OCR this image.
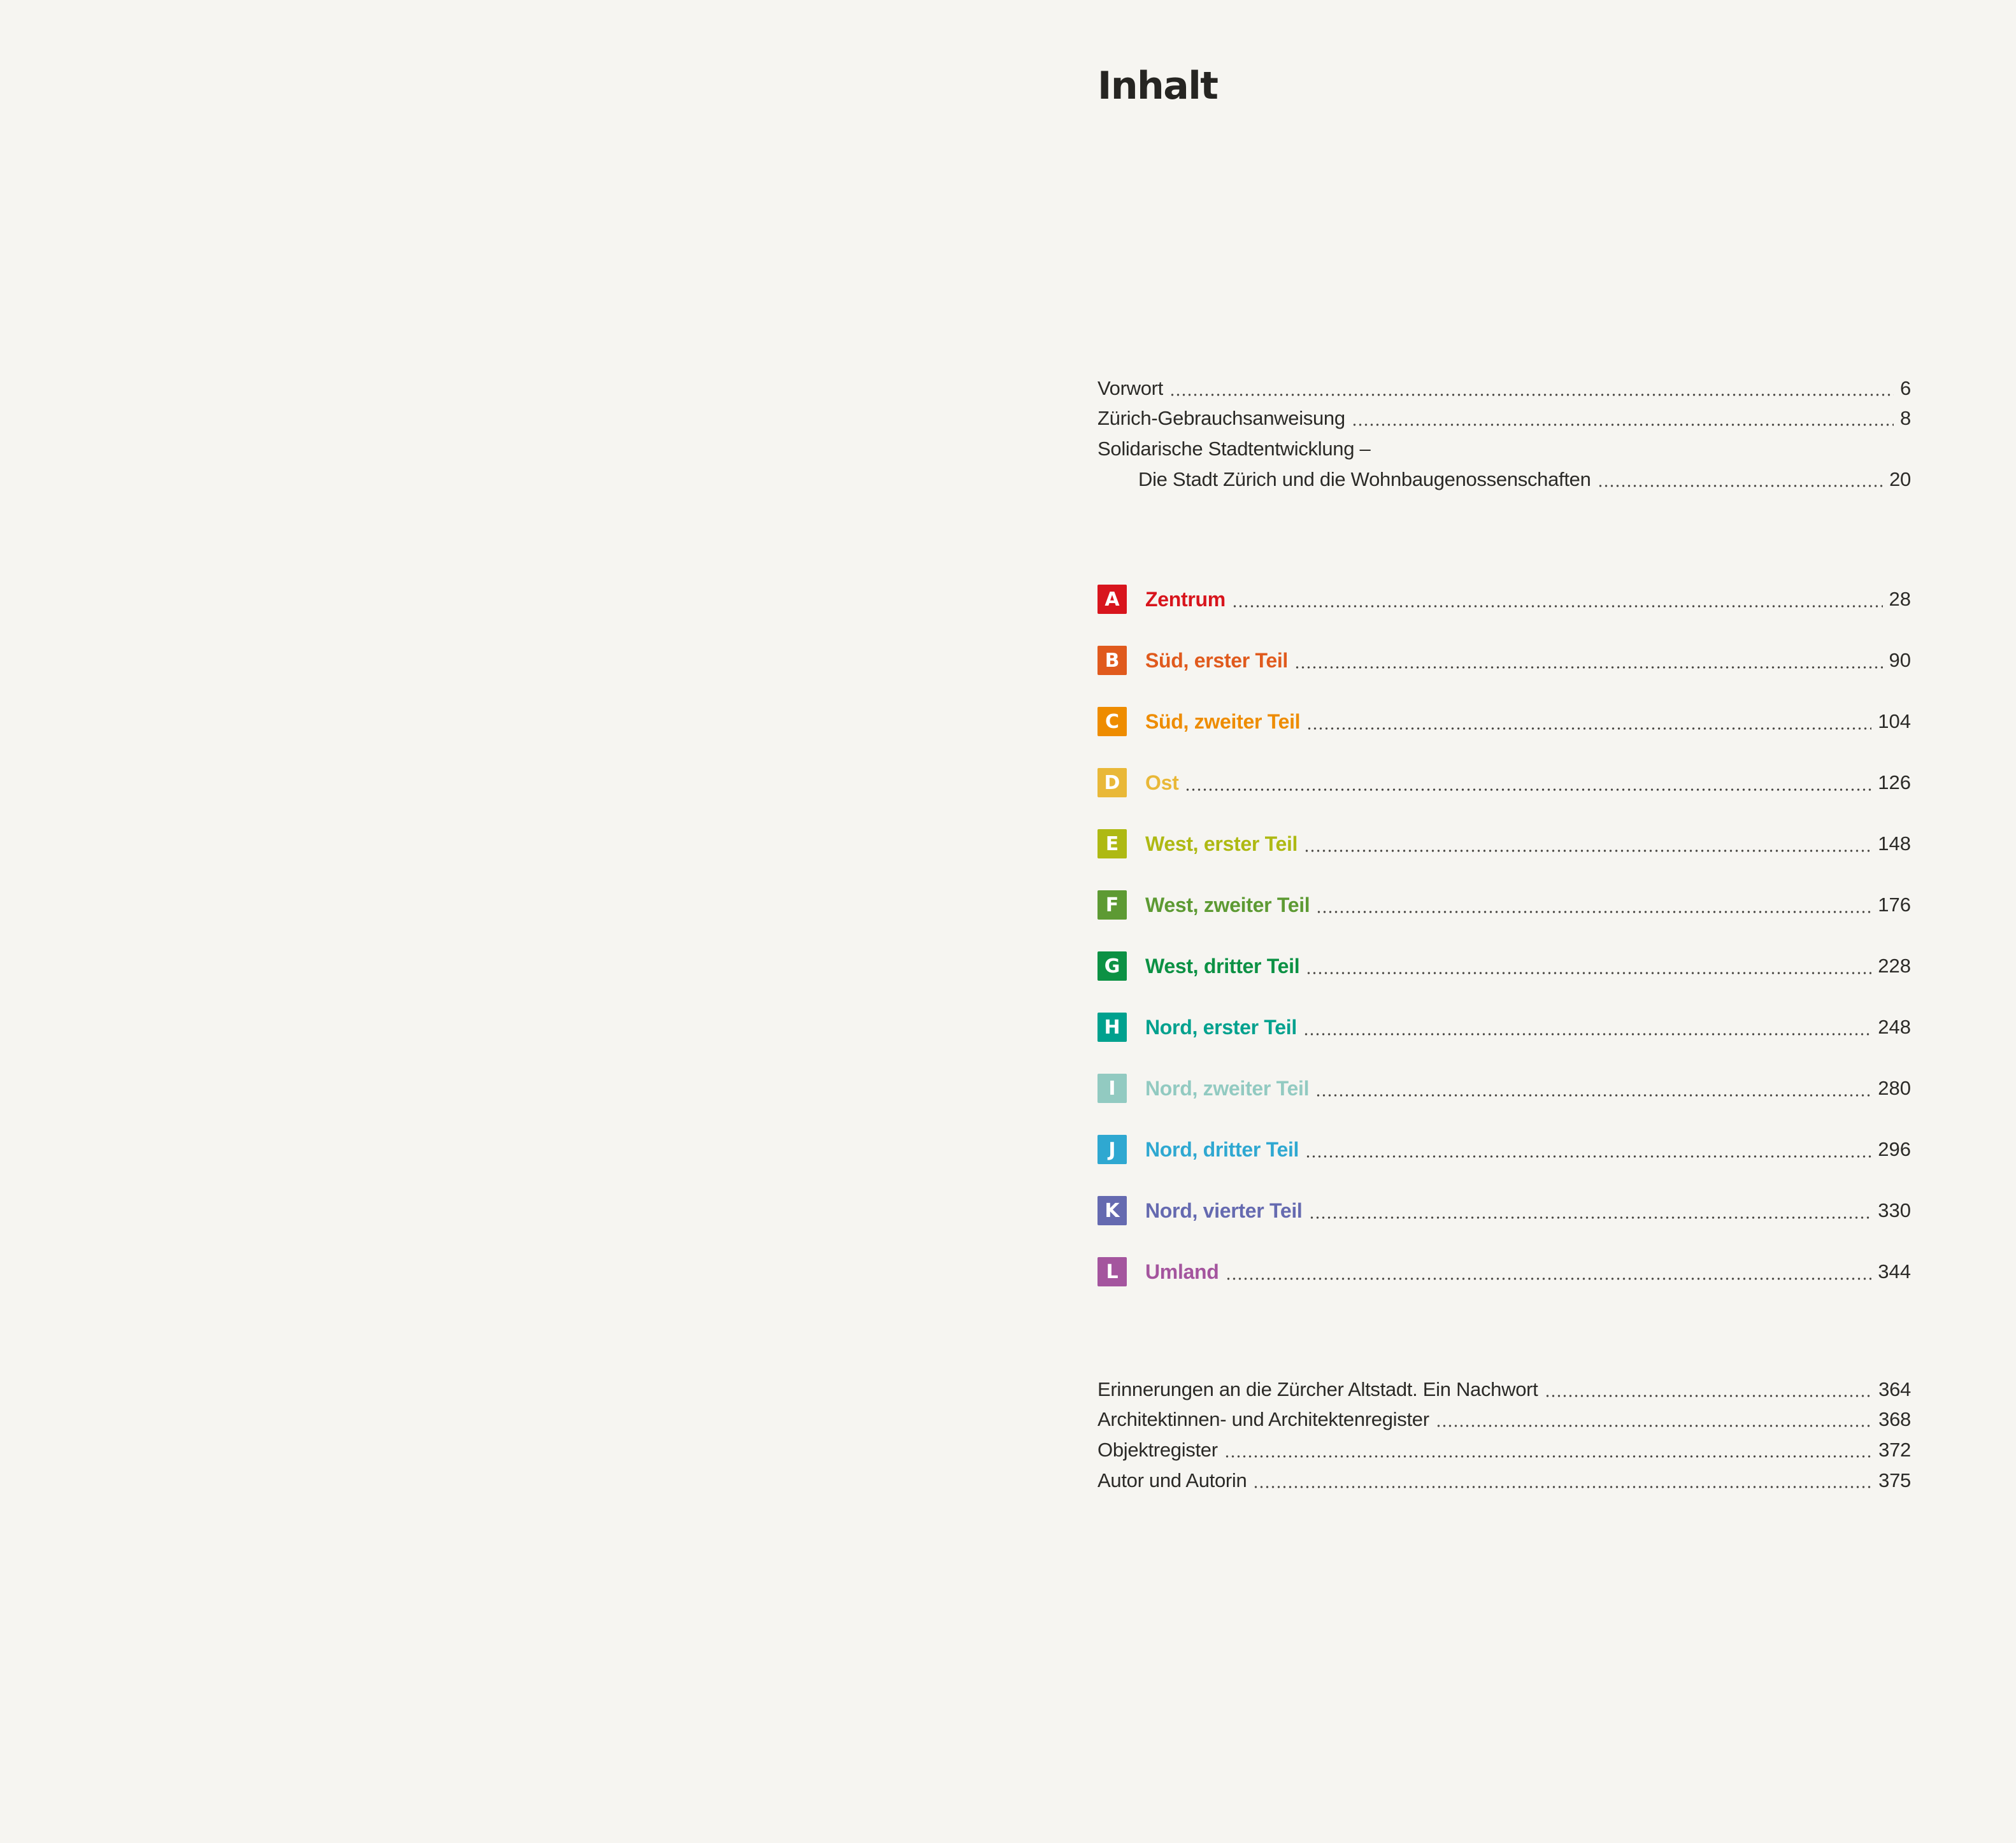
Inhalt
Vorwort	6
Zürich-Gebrauchsanweisung	8
Solidarische Stadtentwicklung –
Die Stadt Zürich und die Wohnbaugenossenschaften	20
A	Zentrum	28
B	Süd, erster Teil	90
C	Süd, zweiter Teil	104
D	Ost	126
E	West, erster Teil	148
F	West, zweiter Teil	176
G	West, dritter Teil	228
H	Nord, erster Teil	248
I	Nord, zweiter Teil	280
J	Nord, dritter Teil	296
K	Nord, vierter Teil	330
L	Umland	344
Erinnerungen an die Zürcher Altstadt. Ein Nachwort	364
Architektinnen- und Architektenregister	368
Objektregister	372
Autor und Autorin	375
